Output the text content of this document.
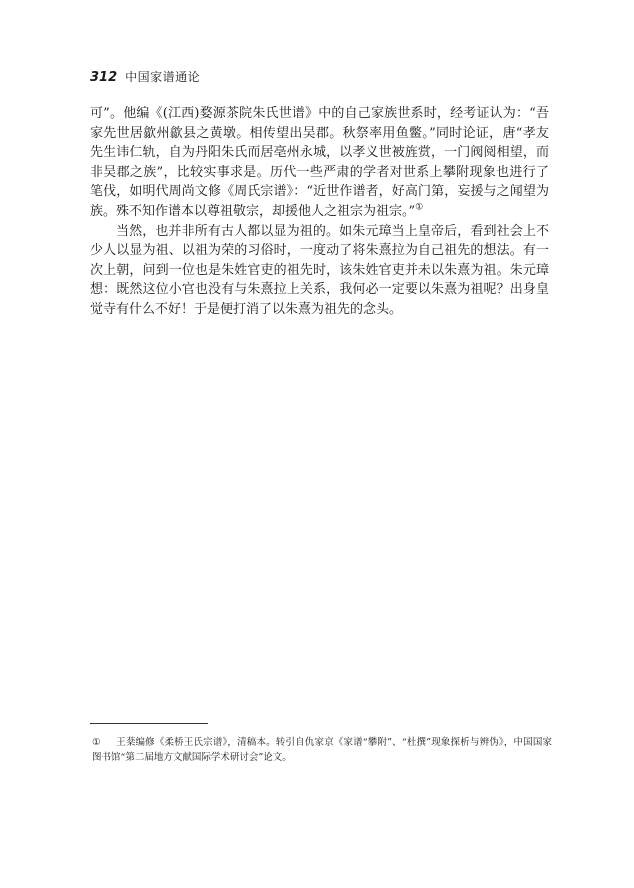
312 中国家谱通论

可”。他编《(江西)婺源茶院朱氏世谱》中的自己家族世系时，经考证认为：“吾家先世居歙州歙县之黄墩。相传望出吴郡。秋祭率用鱼鳖。”同时论证，唐“孝友先生讳仁轨，自为丹阳朱氏而居亳州永城，以孝义世被旌赏，一门阀阅相望，而非吴郡之族”，比较实事求是。历代一些严肃的学者对世系上攀附现象也进行了笔伐，如明代周尚文修《周氏宗谱》：“近世作谱者，好高门第，妄援与之闻望为族。殊不知作谱本以尊祖敬宗，却援他人之祖宗为祖宗。”①

当然，也并非所有古人都以显为祖的。如朱元璋当上皇帝后，看到社会上不少人以显为祖、以祖为荣的习俗时，一度动了将朱熹拉为自己祖先的想法。有一次上朝，问到一位也是朱姓官吏的祖先时，该朱姓官吏并未以朱熹为祖。朱元璋想：既然这位小官也没有与朱熹拉上关系，我何必一定要以朱熹为祖呢？出身皇觉寺有什么不好！于是便打消了以朱熹为祖先的念头。

① 王棻编修《柔桥王氏宗谱》，清稿本。转引自仇家京《家谱“攀附”、“杜撰”现象探析与辨伪》，中国国家图书馆“第二届地方文献国际学术研讨会”论文。
